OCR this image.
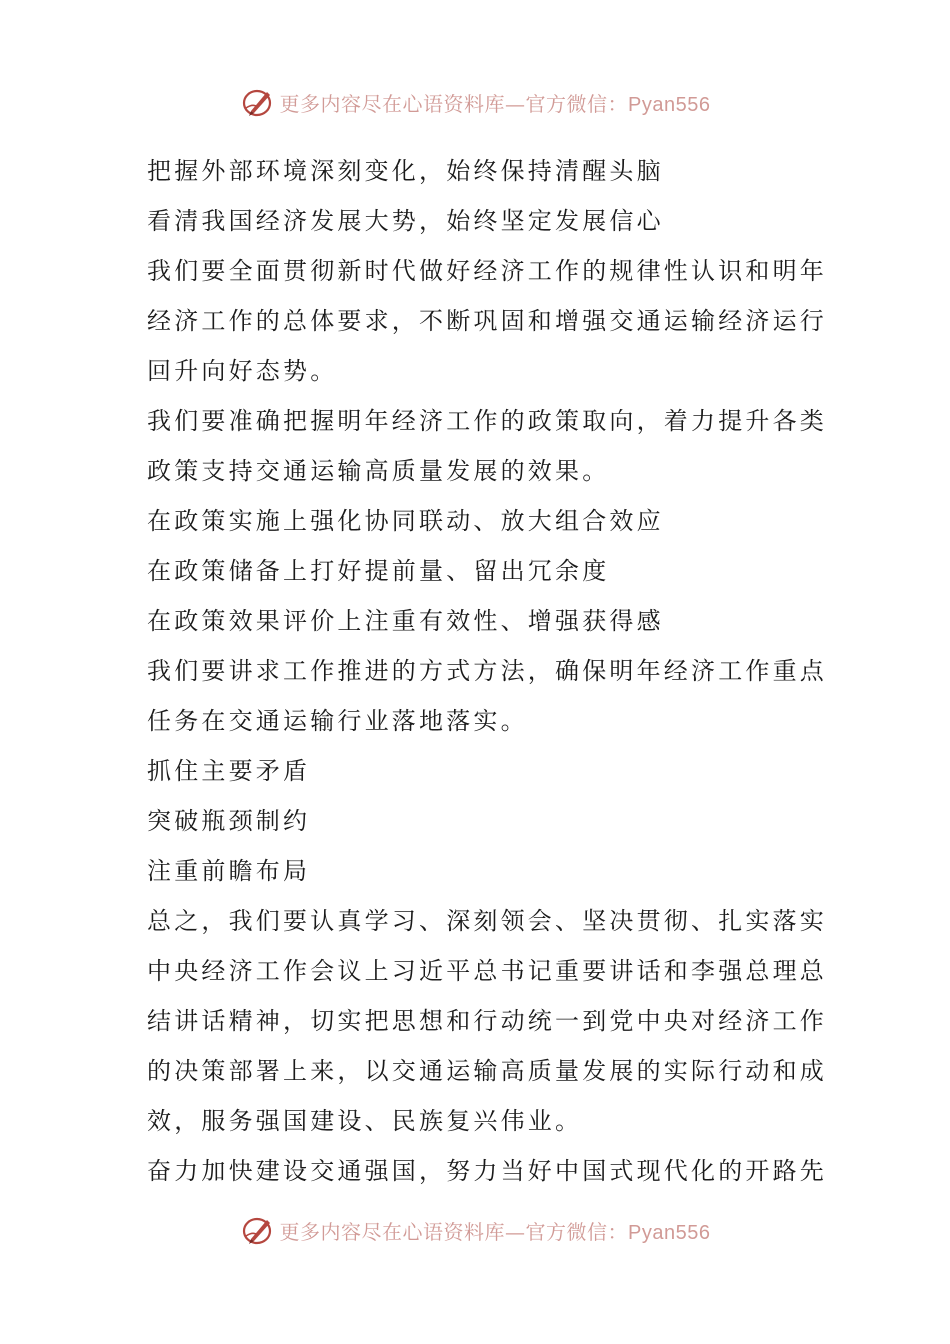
更多内容尽在心语资料库—官方微信：Pyan556
把握外部环境深刻变化，始终保持清醒头脑
看清我国经济发展大势，始终坚定发展信心
我们要全面贯彻新时代做好经济工作的规律性认识和明年
经济工作的总体要求，不断巩固和增强交通运输经济运行
回升向好态势。
我们要准确把握明年经济工作的政策取向，着力提升各类
政策支持交通运输高质量发展的效果。
在政策实施上强化协同联动、放大组合效应
在政策储备上打好提前量、留出冗余度
在政策效果评价上注重有效性、增强获得感
我们要讲求工作推进的方式方法，确保明年经济工作重点
任务在交通运输行业落地落实。
抓住主要矛盾
突破瓶颈制约
注重前瞻布局
总之，我们要认真学习、深刻领会、坚决贯彻、扎实落实
中央经济工作会议上习近平总书记重要讲话和李强总理总
结讲话精神，切实把思想和行动统一到党中央对经济工作
的决策部署上来，以交通运输高质量发展的实际行动和成
效，服务强国建设、民族复兴伟业。
奋力加快建设交通强国，努力当好中国式现代化的开路先
更多内容尽在心语资料库—官方微信：Pyan556
